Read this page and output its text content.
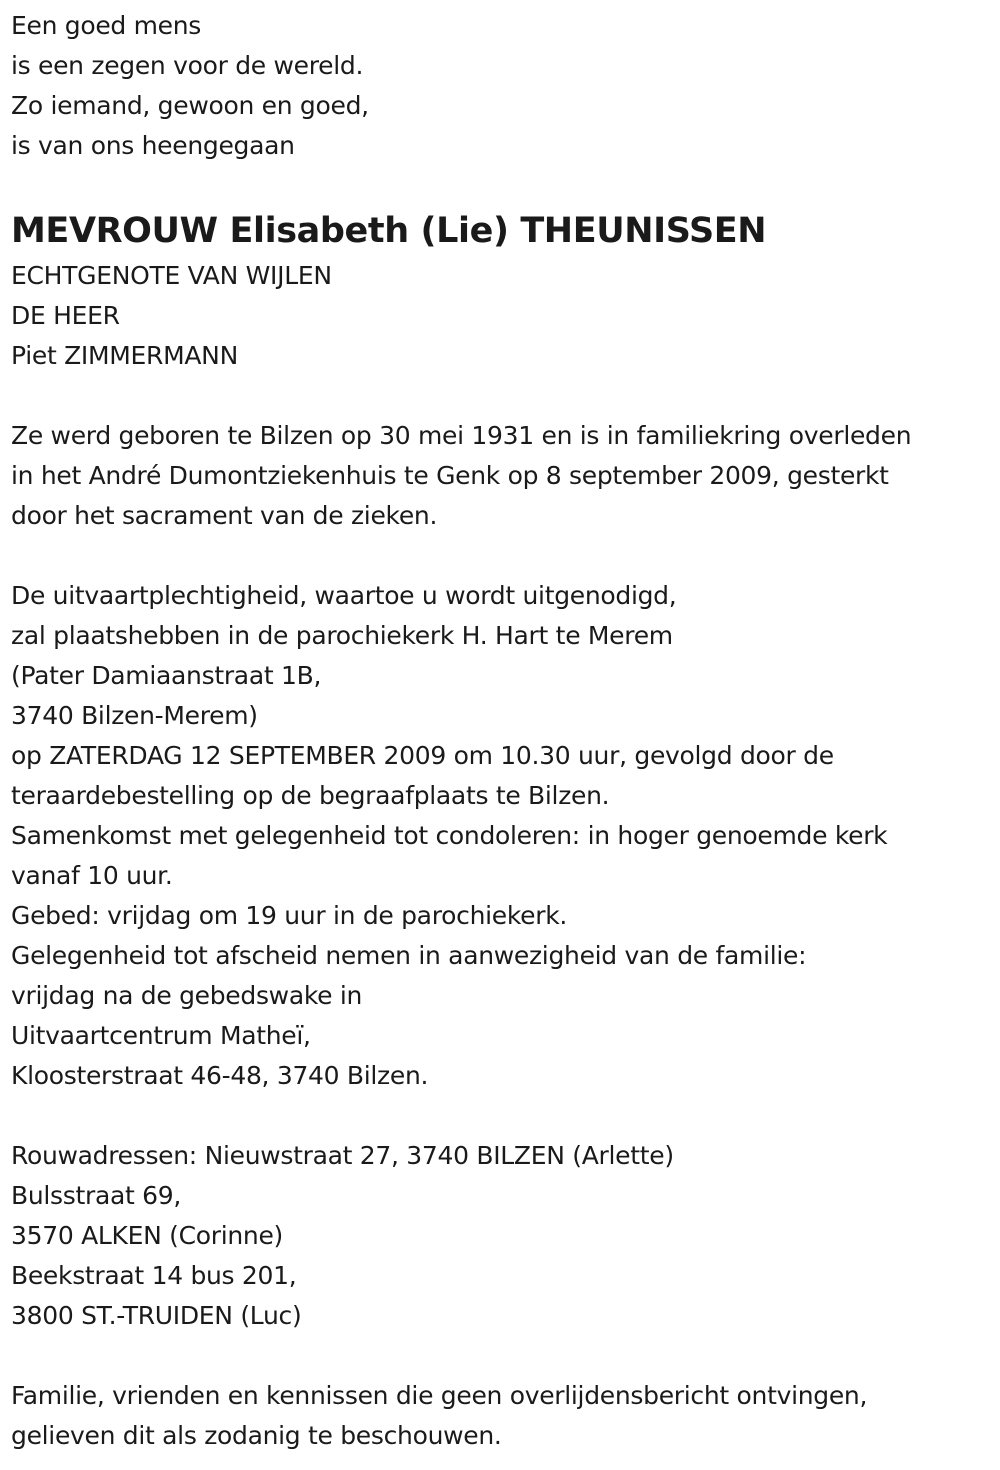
Een goed mens
is een zegen voor de wereld.
Zo iemand, gewoon en goed,
is van ons heengegaan
MEVROUW Elisabeth (Lie) THEUNISSEN
ECHTGENOTE VAN WIJLEN
DE HEER
Piet ZIMMERMANN
Ze werd geboren te Bilzen op 30 mei 1931 en is in familiekring overleden
in het André Dumontziekenhuis te Genk op 8 september 2009, gesterkt
door het sacrament van de zieken.
De uitvaartplechtigheid, waartoe u wordt uitgenodigd,
zal plaatshebben in de parochiekerk H. Hart te Merem
(Pater Damiaanstraat 1B,
3740 Bilzen-Merem)
op ZATERDAG 12 SEPTEMBER 2009 om 10.30 uur, gevolgd door de
teraardebestelling op de begraafplaats te Bilzen.
Samenkomst met gelegenheid tot condoleren: in hoger genoemde kerk
vanaf 10 uur.
Gebed: vrijdag om 19 uur in de parochiekerk.
Gelegenheid tot afscheid nemen in aanwezigheid van de familie:
vrijdag na de gebedswake in
Uitvaartcentrum Matheï,
Kloosterstraat 46-48, 3740 Bilzen.
Rouwadressen: Nieuwstraat 27, 3740 BILZEN (Arlette)
Bulsstraat 69,
3570 ALKEN (Corinne)
Beekstraat 14 bus 201,
3800 ST.-TRUIDEN (Luc)
Familie, vrienden en kennissen die geen overlijdensbericht ontvingen,
gelieven dit als zodanig te beschouwen.
